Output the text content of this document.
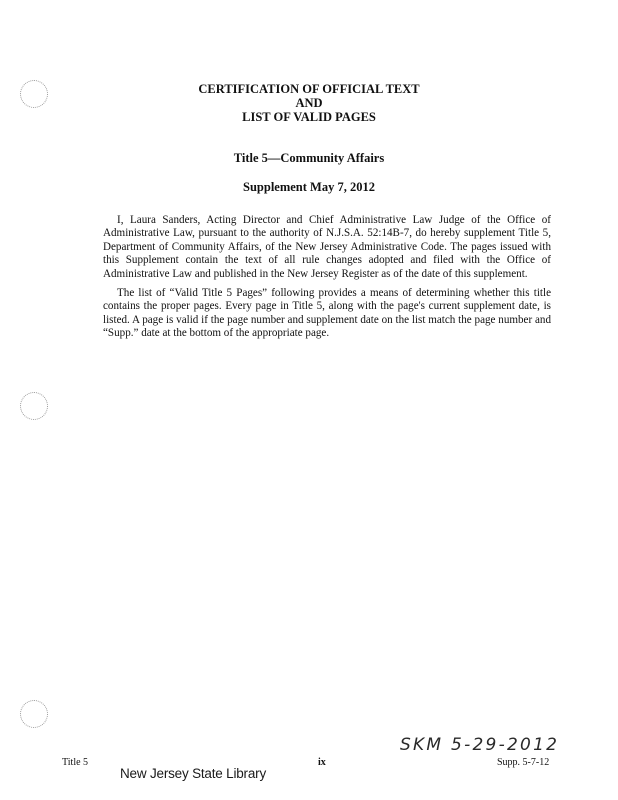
CERTIFICATION OF OFFICIAL TEXT
AND
LIST OF VALID PAGES
Title 5—Community Affairs
Supplement May 7, 2012

I, Laura Sanders, Acting Director and Chief Administrative Law Judge of the Office of Administrative Law, pursuant to the authority of N.J.S.A. 52:14B-7, do hereby supplement Title 5, Department of Community Affairs, of the New Jersey Administrative Code. The pages issued with this Supplement contain the text of all rule changes adopted and filed with the Office of Administrative Law and published in the New Jersey Register as of the date of this supplement.

The list of “Valid Title 5 Pages” following provides a means of determining whether this title contains the proper pages. Every page in Title 5, along with the page's current supplement date, is listed. A page is valid if the page number and supplement date on the list match the page number and “Supp.” date at the bottom of the appropriate page.

SKM 5-29-2012
Title 5	ix	Supp. 5-7-12
New Jersey State Library
